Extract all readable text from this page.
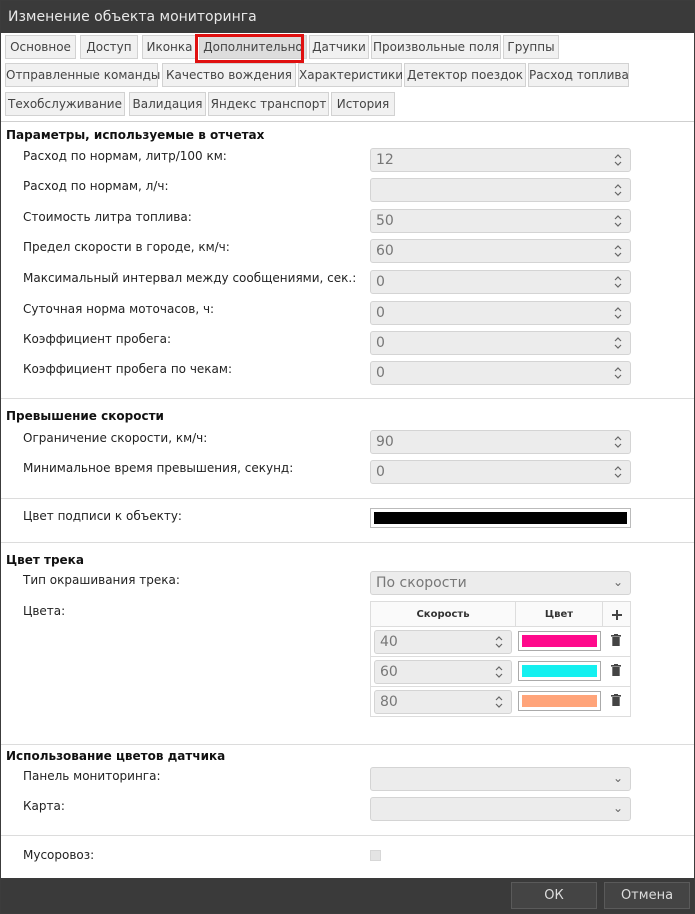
Изменение объекта мониторинга
Основное	Доступ	Иконка Дополнительно Датчики Произвольные поля Группы
Отправленные команды Качество вождения Характеристики Детектор поездок Расход топлива
Техобслуживание Валидация Яндекс транспорт История
Параметры, используемые в отчетах
Расход по нормам, литр/100 км:	12
Расход по нормам, л/ч:
Стоимость литра топлива:	50
Предел скорости в городе, км/ч:	60
Максимальный интервал между сообщениями, сек.: 0
Суточная норма моточасов, ч:	0
Коэффициент пробега:	0
Коэффициент пробега по чекам:	0
Превышение скорости
Ограничение скорости, км/ч:	90
Минимальное время превышения, секунд:	0
Цвет подписи к объекту:
Цвет трека
Тип окрашивания трека:	По скорости	⌄
Цвета:	Скорость	Цвет
40
60
80
Использование цветов датчика
Панель мониторинга:	⌄
Карта:	⌄
Мусоровоз:
ОК	Отмена
